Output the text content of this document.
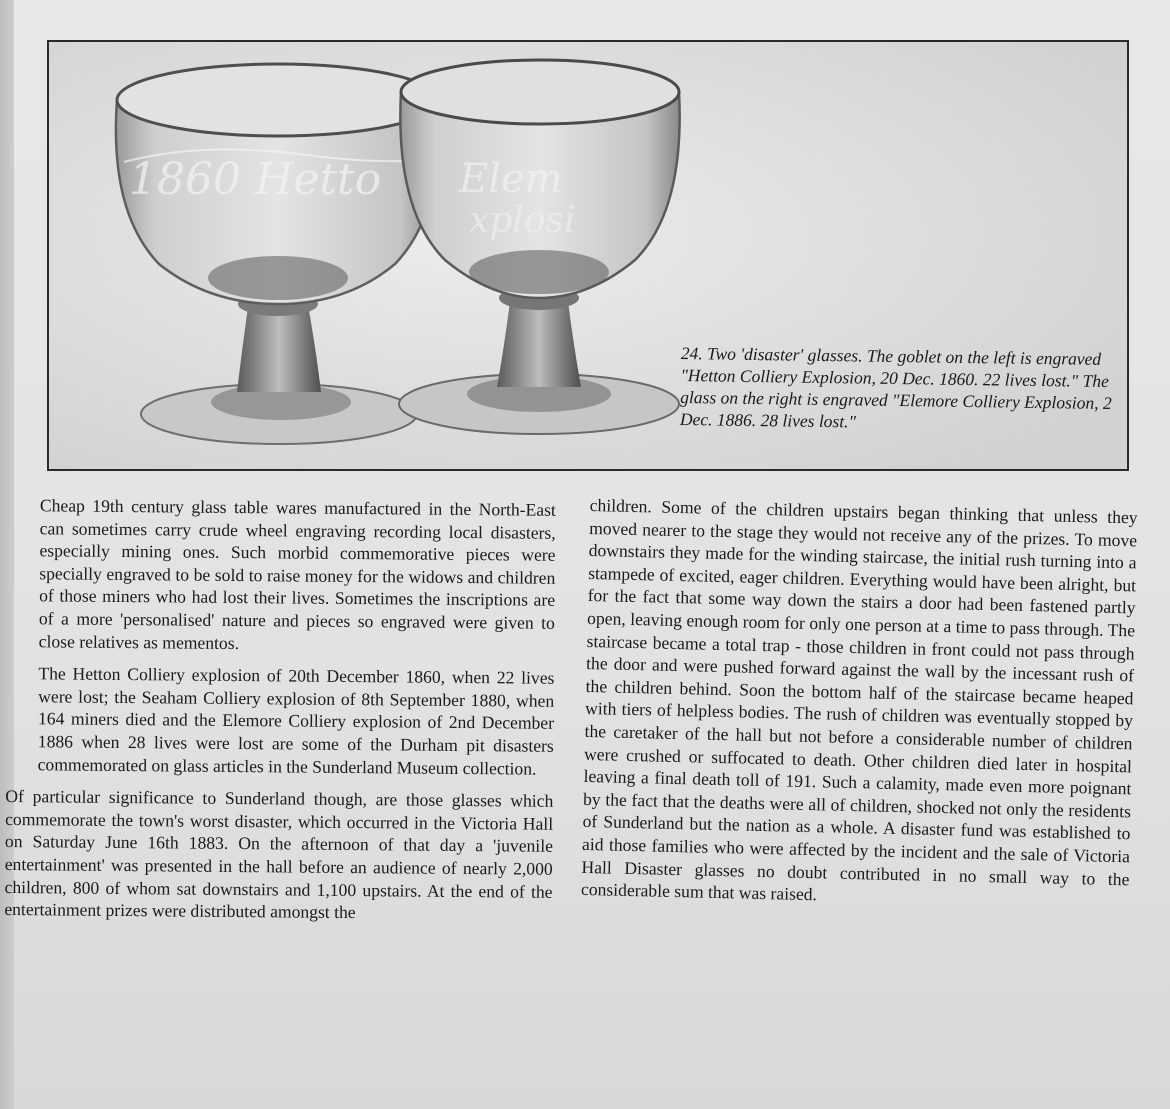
1860 Hetto Elem
xplosi

24. Two 'disaster' glasses. The goblet on the left is engraved "Hetton Colliery Explosion, 20 Dec. 1860. 22 lives lost." The glass on the right is engraved "Elemore Colliery Explosion, 2 Dec. 1886. 28 lives lost."

Cheap 19th century glass table wares manufactured in the North-East can sometimes carry crude wheel engraving recording local disasters, especially mining ones. Such morbid commemorative pieces were specially engraved to be sold to raise money for the widows and children of those miners who had lost their lives. Sometimes the inscriptions are of a more 'personalised' nature and pieces so engraved were given to close relatives as mementos.

The Hetton Colliery explosion of 20th December 1860, when 22 lives were lost; the Seaham Colliery explosion of 8th September 1880, when 164 miners died and the Elemore Colliery explosion of 2nd December 1886 when 28 lives were lost are some of the Durham pit disasters commemorated on glass articles in the Sunderland Museum collection.

Of particular significance to Sunderland though, are those glasses which commemorate the town's worst disaster, which occurred in the Victoria Hall on Saturday June 16th 1883. On the afternoon of that day a 'juvenile entertainment' was presented in the hall before an audience of nearly 2,000 children, 800 of whom sat downstairs and 1,100 upstairs. At the end of the entertainment prizes were distributed amongst the

children. Some of the children upstairs began thinking that unless they moved nearer to the stage they would not receive any of the prizes. To move downstairs they made for the winding staircase, the initial rush turning into a stampede of excited, eager children. Everything would have been alright, but for the fact that some way down the stairs a door had been fastened partly open, leaving enough room for only one person at a time to pass through. The staircase became a total trap - those children in front could not pass through the door and were pushed forward against the wall by the incessant rush of the children behind. Soon the bottom half of the staircase became heaped with tiers of helpless bodies. The rush of children was eventually stopped by the caretaker of the hall but not before a considerable number of children were crushed or suffocated to death. Other children died later in hospital leaving a final death toll of 191. Such a calamity, made even more poignant by the fact that the deaths were all of children, shocked not only the residents of Sunderland but the nation as a whole. A disaster fund was established to aid those families who were affected by the incident and the sale of Victoria Hall Disaster glasses no doubt contributed in no small way to the considerable sum that was raised.
